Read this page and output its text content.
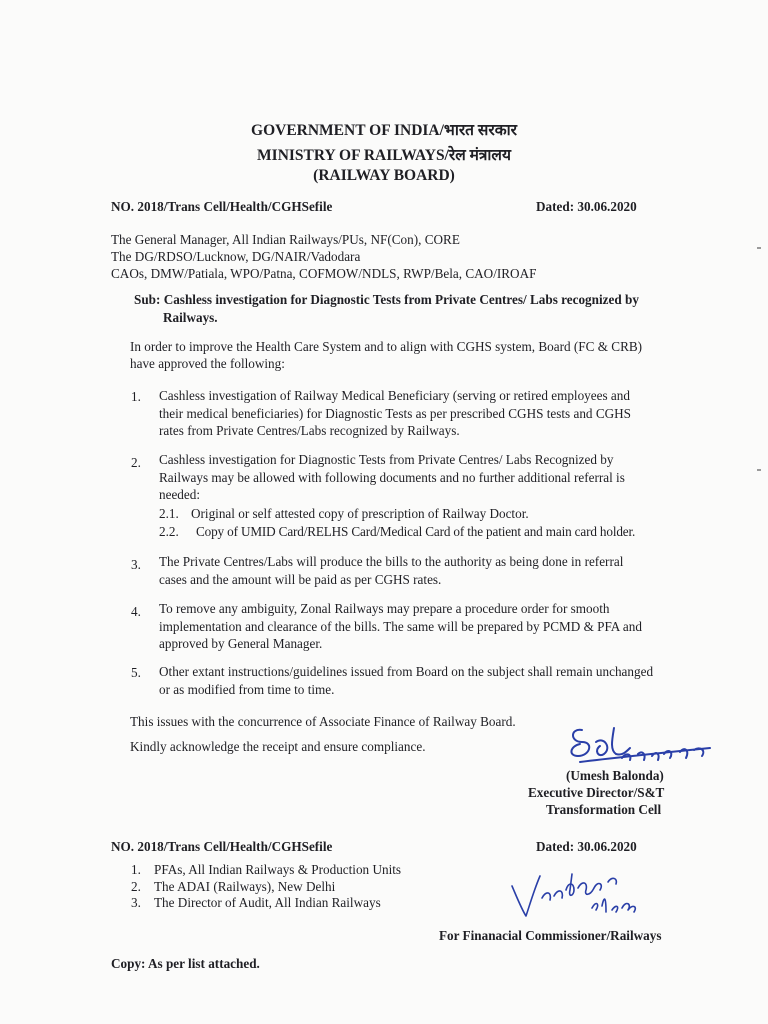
GOVERNMENT OF INDIA/भारत सरकार
MINISTRY OF RAILWAYS/रेल मंत्रालय
(RAILWAY BOARD)
NO. 2018/Trans Cell/Health/CGHSefile	Dated: 30.06.2020
The General Manager, All Indian Railways/PUs, NF(Con), CORE
The DG/RDSO/Lucknow, DG/NAIR/Vadodara
CAOs, DMW/Patiala, WPO/Patna, COFMOW/NDLS, RWP/Bela, CAO/IROAF
Sub: Cashless investigation for Diagnostic Tests from Private Centres/ Labs recognized by
Railways.
In order to improve the Health Care System and to align with CGHS system, Board (FC & CRB)
have approved the following:
1. Cashless investigation of Railway Medical Beneficiary (serving or retired employees and
their medical beneficiaries) for Diagnostic Tests as per prescribed CGHS tests and CGHS
rates from Private Centres/Labs recognized by Railways.
2. Cashless investigation for Diagnostic Tests from Private Centres/ Labs Recognized by
Railways may be allowed with following documents and no further additional referral is
needed:
2.1. Original or self attested copy of prescription of Railway Doctor.
2.2. Copy of UMID Card/RELHS Card/Medical Card of the patient and main card holder.
3. The Private Centres/Labs will produce the bills to the authority as being done in referral
cases and the amount will be paid as per CGHS rates.
4. To remove any ambiguity, Zonal Railways may prepare a procedure order for smooth
implementation and clearance of the bills. The same will be prepared by PCMD & PFA and
approved by General Manager.
5. Other extant instructions/guidelines issued from Board on the subject shall remain unchanged
or as modified from time to time.
This issues with the concurrence of Associate Finance of Railway Board.
Kindly acknowledge the receipt and ensure compliance.
(Umesh Balonda)
Executive Director/S&T
Transformation Cell
NO. 2018/Trans Cell/Health/CGHSefile	Dated: 30.06.2020
1. PFAs, All Indian Railways & Production Units
2. The ADAI (Railways), New Delhi
3. The Director of Audit, All Indian Railways
For Finanacial Commissioner/Railways
Copy: As per list attached.
